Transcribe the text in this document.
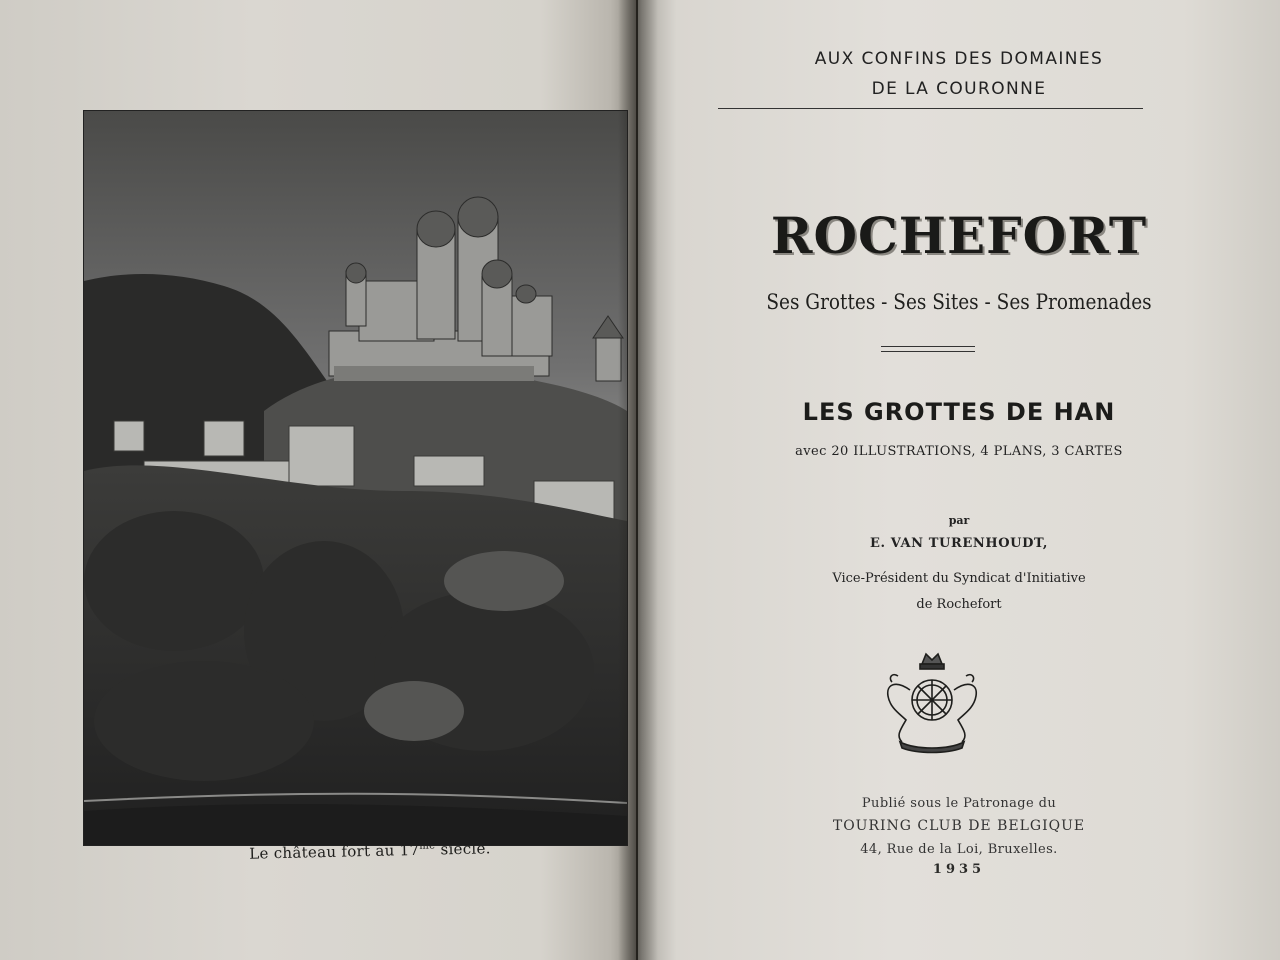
Le château fort au $17^{me}$ siècle.
AUX CONFINS DES DOMAINES
DE LA COURONNE
ROCHEFORT
Ses Grottes - Ses Sites - Ses Promenades
LES GROTTES DE HAN
avec 20 ILLUSTRATIONS, 4 PLANS, 3 CARTES
par
E. VAN TURENHOUDT,
Vice-Président du Syndicat d'Initiative
de Rochefort
Publié sous le Patronage du
TOURING CLUB DE BELGIQUE
44, Rue de la Loi, Bruxelles.
1935
